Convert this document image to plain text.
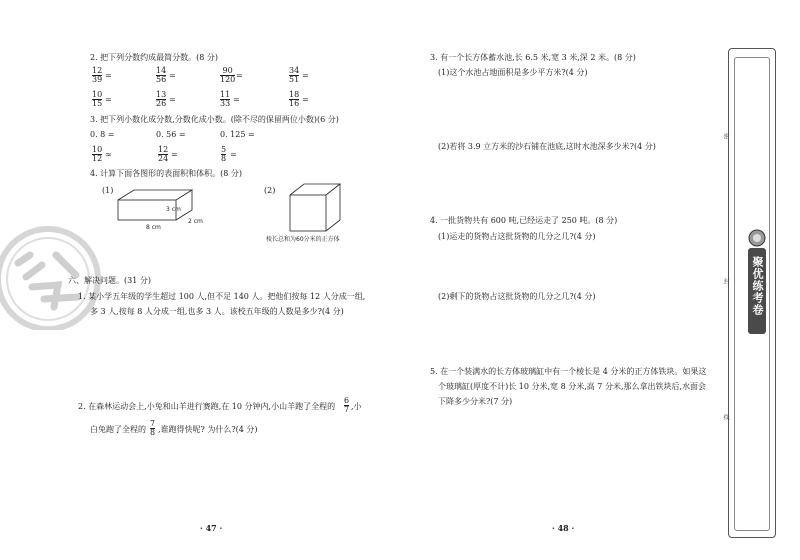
2. 把下列分数约成最简分数。(8 分)
$\frac{12}{39}$ =	$\frac{14}{56}$ =	$\frac{90}{120}$ =	$\frac{34}{51}$ =
$\frac{10}{15}$ =	$\frac{13}{26}$ =	$\frac{11}{33}$ =	$\frac{18}{16}$ =
3. 把下列小数化成分数,分数化成小数。(除不尽的保留两位小数)(6 分)
0. 8 =	0. 56 =	0. 125 =
$\frac{10}{12}$ ≈	$\frac{12}{24}$ =	$\frac{5}{8}$ =
4. 计算下面各图形的表面积和体积。(8 分)
(1)	(2)
3 cm
2 cm
8 cm
棱长总和为60分米的正方体
六、解决问题。(31 分)
1. 某小学五年级的学生超过 100 人,但不足 140 人。把他们按每 12 人分成一组,
多 3 人,按每 8 人分成一组,也多 3 人。该校五年级的人数是多少?(4 分)
2. 在森林运动会上,小兔和山羊进行赛跑,在 10 分钟内,小山羊跑了全程的 $\frac{6}{7}$ ,小
白兔跑了全程的 $\frac{7}{8}$ ,谁跑得快呢? 为什么?(4 分)
· 47 ·
3. 有一个长方体蓄水池,长 6.5 米,宽 3 米,深 2 米。(8 分)
(1)这个水池占地面积是多少平方米?(4 分)
(2)若将 3.9 立方米的沙石铺在池底,这时水池深多少米?(4 分)
4. 一批货物共有 600 吨,已经运走了 250 吨。(8 分)
(1)运走的货物占这批货物的几分之几?(4 分)
(2)剩下的货物占这批货物的几分之几?(4 分)
5. 在一个装满水的长方体玻璃缸中有一个棱长是 4 分米的正方体铁块。如果这
个玻璃缸(厚度不计)长 10 分米,宽 8 分米,高 7 分米,那么拿出铁块后,水面会
下降多少分米?(7 分)
· 48 ·
密
封
线
聚优练考卷
